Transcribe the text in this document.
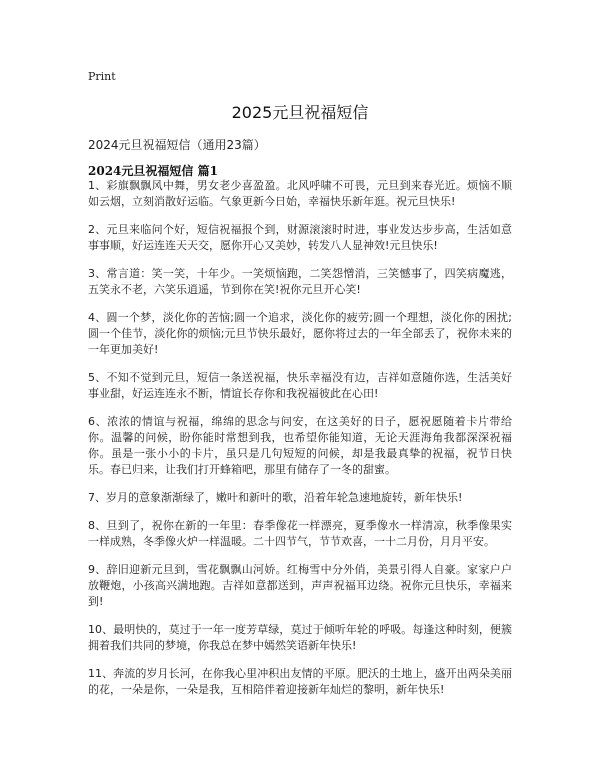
Print
2025元旦祝福短信
2024元旦祝福短信（通用23篇）
2024元旦祝福短信 篇1

1、彩旗飘飘风中舞，男女老少喜盈盈。北风呼啸不可畏，元旦到来春光近。烦恼不顺如云烟，立刻消散好运临。气象更新今日始，幸福快乐新年逛。祝元旦快乐!

2、元旦来临问个好，短信祝福报个到，财源滚滚时时进，事业发达步步高，生活如意事事顺，好运连连天天交，愿你开心又美妙，转发八人显神效!元旦快乐!

3、常言道：笑一笑，十年少。一笑烦恼跑，二笑怨憎消，三笑憾事了，四笑病魔逃，五笑永不老，六笑乐逍遥，节到你在笑!祝你元旦开心笑!

4、圆一个梦，淡化你的苦恼;圆一个追求，淡化你的疲劳;圆一个理想，淡化你的困扰;圆一个佳节，淡化你的烦恼;元旦节快乐最好，愿你将过去的一年全部丢了，祝你未来的一年更加美好!

5、不知不觉到元旦，短信一条送祝福，快乐幸福没有边，吉祥如意随你选，生活美好事业甜，好运连连永不断，情谊长存你和我祝福彼此在心田!

6、浓浓的情谊与祝福，绵绵的思念与问安，在这美好的日子，愿祝愿随着卡片带给你。温馨的问候，盼你能时常想到我，也希望你能知道，无论天涯海角我都深深祝福你。虽是一张小小的卡片，虽只是几句短短的问候，却是我最真挚的祝福，祝节日快乐。春已归来，让我们打开蜂箱吧，那里有储存了一冬的甜蜜。

7、岁月的意象渐渐绿了，嫩叶和新叶的歌，沿着年轮急速地旋转，新年快乐!

8、旦到了，祝你在新的一年里：春季像花一样漂亮，夏季像水一样清凉，秋季像果实一样成熟，冬季像火炉一样温暖。二十四节气，节节欢喜，一十二月份，月月平安。

9、辞旧迎新元旦到，雪花飘飘山河娇。红梅雪中分外俏，美景引得人自豪。家家户户放鞭炮，小孩高兴满地跑。吉祥如意都送到，声声祝福耳边绕。祝你元旦快乐，幸福来到!

10、最明快的，莫过于一年一度芳草绿，莫过于倾听年轮的呼吸。每逢这种时刻，便簇拥着我们共同的梦境，你我总在梦中嫣然笑语新年快乐!

11、奔流的岁月长河，在你我心里冲积出友情的平原。肥沃的土地上，盛开出两朵美丽的花，一朵是你，一朵是我，互相陪伴着迎接新年灿烂的黎明，新年快乐!
